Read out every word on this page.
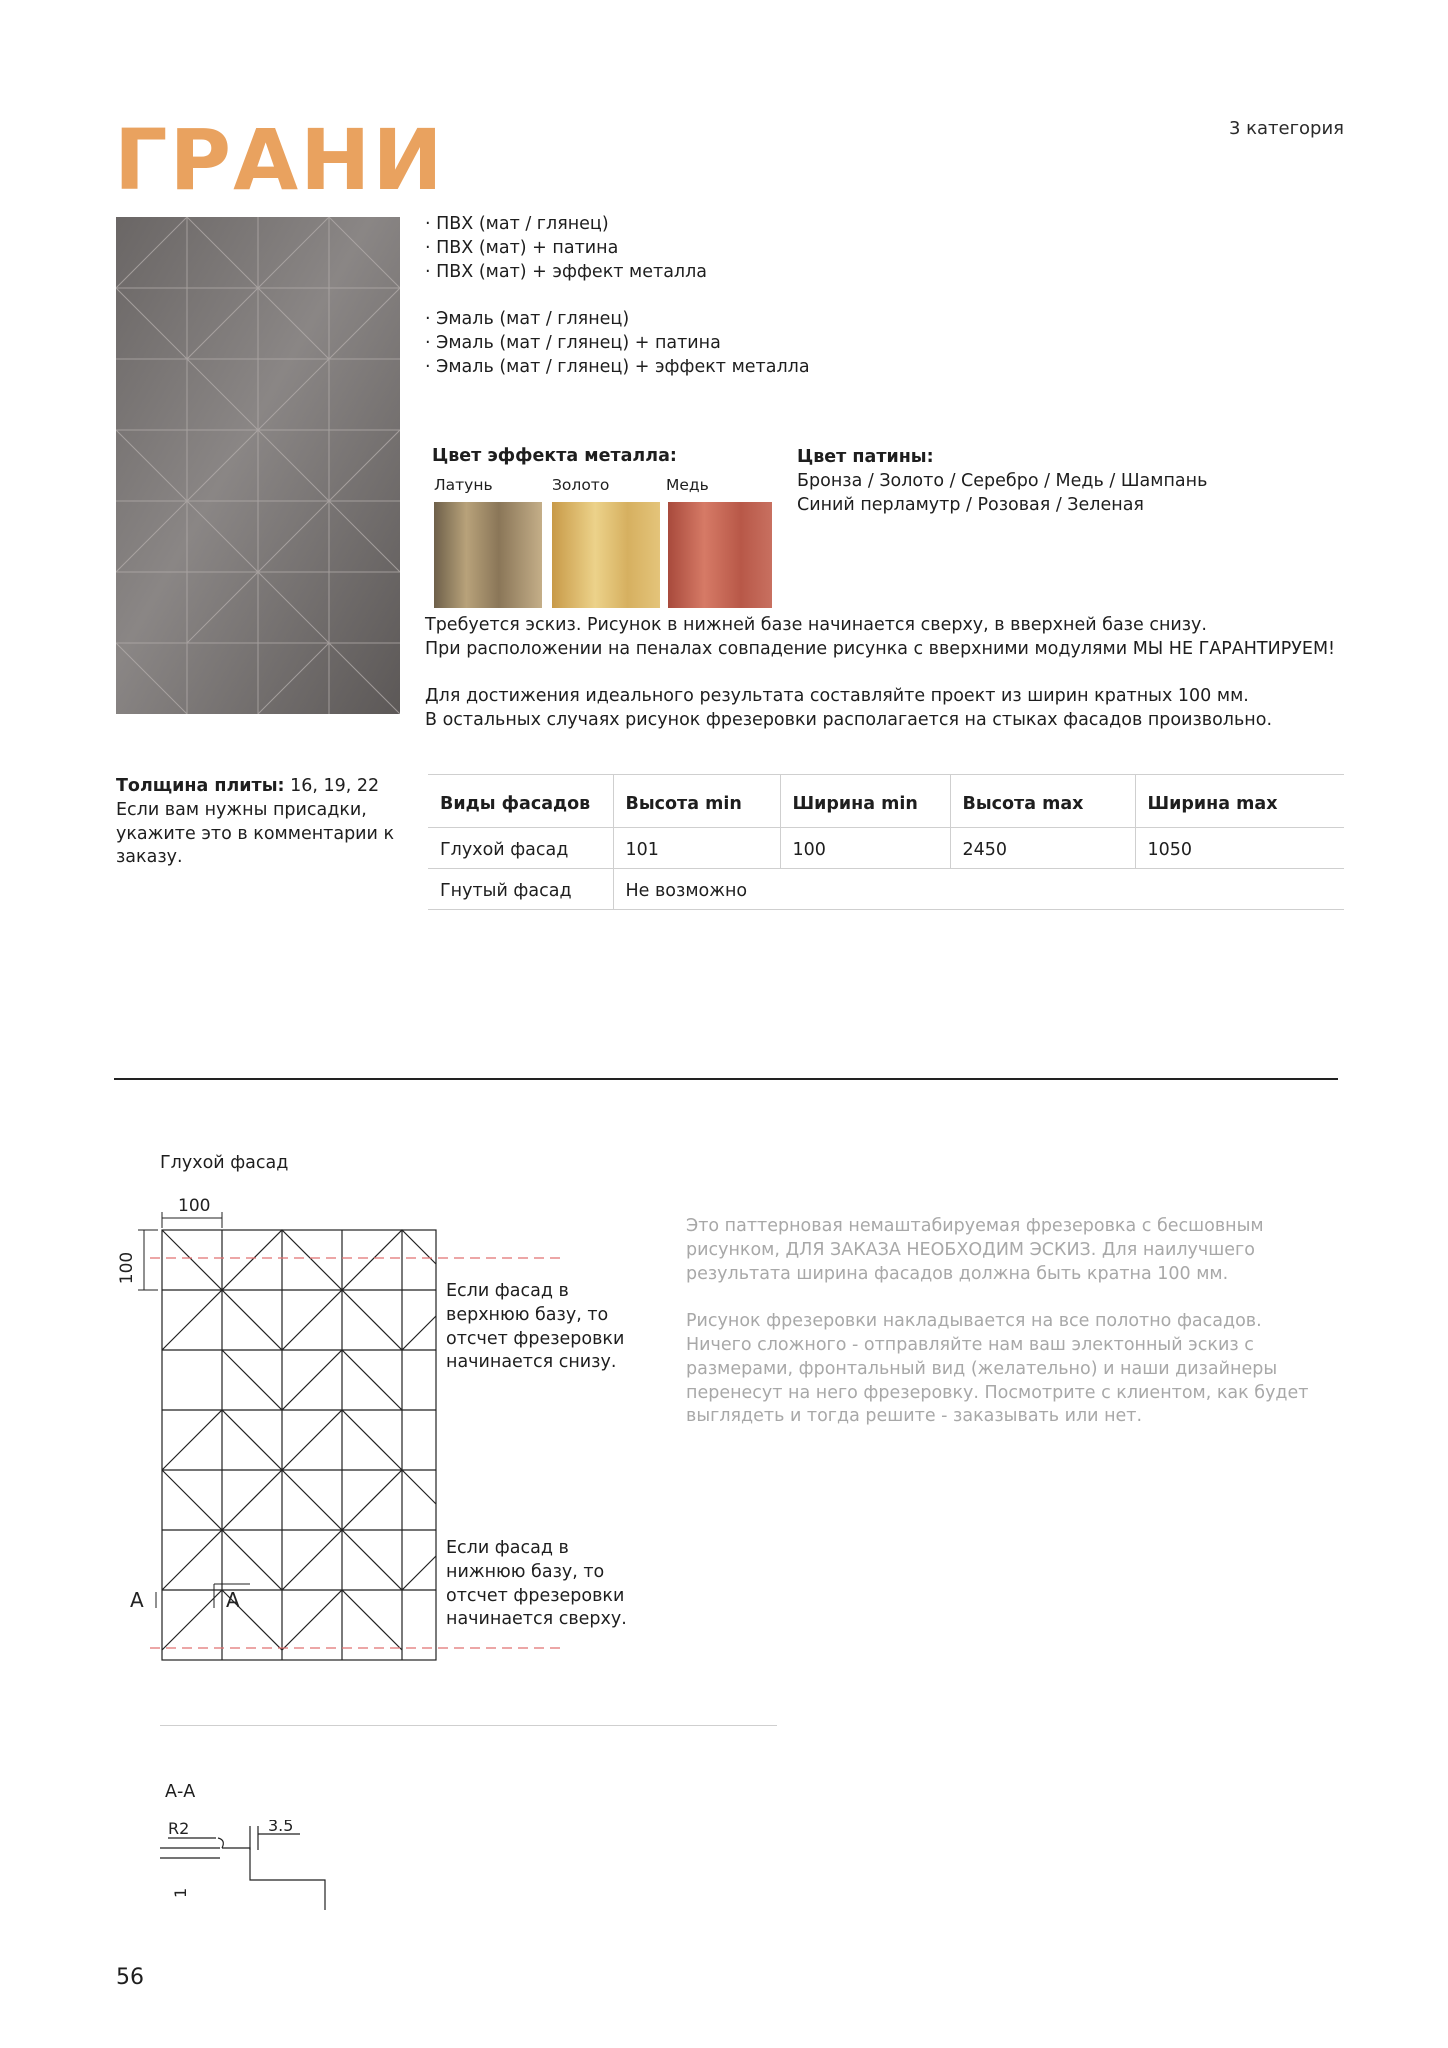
ГРАНИ	3 категория
· ПВХ (мат / глянец)
· ПВХ (мат) + патина
· ПВХ (мат) + эффект металла
· Эмаль (мат / глянец)
· Эмаль (мат / глянец) + патина
· Эмаль (мат / глянец) + эффект металла
Цвет эффекта металла:
Латунь	Золото	Медь
Цвет патины:
Бронза / Золото / Серебро / Медь / Шампань
Синий перламутр / Розовая / Зеленая
Требуется эскиз. Рисунок в нижней базе начинается сверху, в вверхней базе снизу.
При расположении на пеналах совпадение рисунка с вверхними модулями МЫ НЕ ГАРАНТИРУЕМ!
Для достижения идеального результата составляйте проект из ширин кратных 100 мм.
В остальных случаях рисунок фрезеровки располагается на стыках фасадов произвольно.
Толщина плиты: 16, 19, 22
Если вам нужны присадки, укажите это в комментарии к заказу.
Виды фасадов	Высота min	Ширина min	Высота max	Ширина max
Глухой фасад	101	100	2450	1050
Гнутый фасад	Не возможно			
Глухой фасад
100
100
A	A
Если фасад в
верхнюю базу, то
отсчет фрезеровки
начинается снизу.
Если фасад в
нижнюю базу, то
отсчет фрезеровки
начинается сверху.

Это паттерновая немаштабируемая фрезеровка с бесшовным рисунком, ДЛЯ ЗАКАЗА НЕОБХОДИМ ЭСКИЗ. Для наилучшего результата ширина фасадов должна быть кратна 100 мм.

Рисунок фрезеровки накладывается на все полотно фасадов. Ничего сложного - отправляйте нам ваш электонный эскиз с размерами, фронтальный вид (желательно) и наши дизайнеры перенесут на него фрезеровку. Посмотрите с клиентом, как будет выглядеть и тогда решите - заказывать или нет.

А-А
R2	3.5
1
56
